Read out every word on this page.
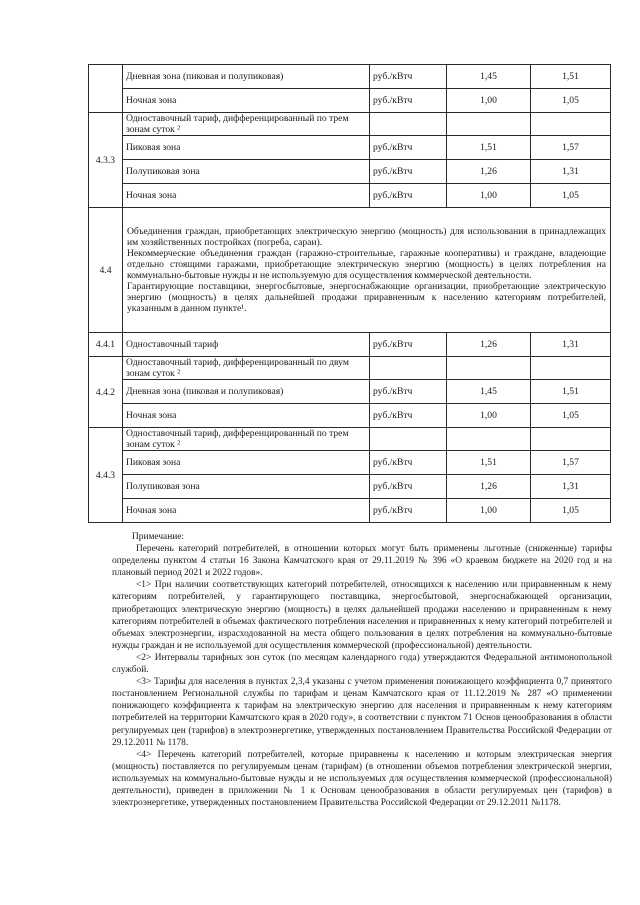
	Дневная зона (пиковая и полупиковая)	руб./кВтч	1,45	1,51
	Ночная зона	руб./кВтч	1,00	1,05
4.3.3	Одноставочный тариф, дифференцированный по трем зонам суток ²			
	Пиковая зона	руб./кВтч	1,51	1,57
	Полупиковая зона	руб./кВтч	1,26	1,31
	Ночная зона	руб./кВтч	1,00	1,05
4.4	Объединения граждан, приобретающих электрическую энергию (мощность) для использования в принадлежащих им хозяйственных постройках (погреба, сараи).

Некоммерческие объединения граждан (гаражно-строительные, гаражные кооперативы) и граждане, владеющие отдельно стоящими гаражами, приобретающие электрическую энергию (мощность) в целях потребления на коммунально-бытовые нужды и не используемую для осуществления коммерческой деятельности.

Гарантирующие поставщики, энергосбытовые, энергоснабжающие организации, приобретающие электрическую энергию (мощность) в целях дальнейшей продажи приравненным к населению категориям потребителей, указанным в данном пункте¹.			

4.4.1	Одноставочный тариф	руб./кВтч	1,26	1,31
4.4.2	Одноставочный тариф, дифференцированный по двум зонам суток ²			
	Дневная зона (пиковая и полупиковая)	руб./кВтч	1,45	1,51
	Ночная зона	руб./кВтч	1,00	1,05
4.4.3	Одноставочный тариф, дифференцированный по трем зонам суток ²			
	Пиковая зона	руб./кВтч	1,51	1,57
	Полупиковая зона	руб./кВтч	1,26	1,31
	Ночная зона	руб./кВтч	1,00	1,05

Примечание:

Перечень категорий потребителей, в отношении которых могут быть применены льготные (сниженные) тарифы определены пунктом 4 статьи 16 Закона Камчатского края от 29.11.2019 № 396 «О краевом бюджете на 2020 год и на плановый период 2021 и 2022 годов».

<1> При наличии соответствующих категорий потребителей, относящихся к населению или приравненным к нему категориям потребителей, у гарантирующего поставщика, энергосбытовой, энергоснабжающей организации, приобретающих электрическую энергию (мощность) в целях дальнейшей продажи населению и приравненным к нему категориям потребителей в объемах фактического потребления населения и приравненных к нему категорий потребителей и объемах электроэнергии, израсходованной на места общего пользования в целях потребления на коммунально-бытовые нужды граждан и не используемой для осуществления коммерческой (профессиональной) деятельности.

<2> Интервалы тарифных зон суток (по месяцам календарного года) утверждаются Федеральной антимонопольной службой.

<3> Тарифы для населения в пунктах 2,3,4 указаны с учетом применения понижающего коэффициента 0,7 принятого постановлением Региональной службы по тарифам и ценам Камчатского края от 11.12.2019 № 287 «О применении понижающего коэффициента к тарифам на электрическую энергию для населения и приравненным к нему категориям потребителей на территории Камчатского края в 2020 году», в соответствии с пунктом 71 Основ ценообразования в области регулируемых цен (тарифов) в электроэнергетике, утвержденных постановлением Правительства Российской Федерации от 29.12.2011 № 1178.

<4> Перечень категорий потребителей, которые приравнены к населению и которым электрическая энергия (мощность) поставляется по регулируемым ценам (тарифам) (в отношении объемов потребления электрической энергии, используемых на коммунально-бытовые нужды и не используемых для осуществления коммерческой (профессиональной) деятельности), приведен в приложении № 1 к Основам ценообразования в области регулируемых цен (тарифов) в электроэнергетике, утвержденных постановлением Правительства Российской Федерации от 29.12.2011 №1178.
